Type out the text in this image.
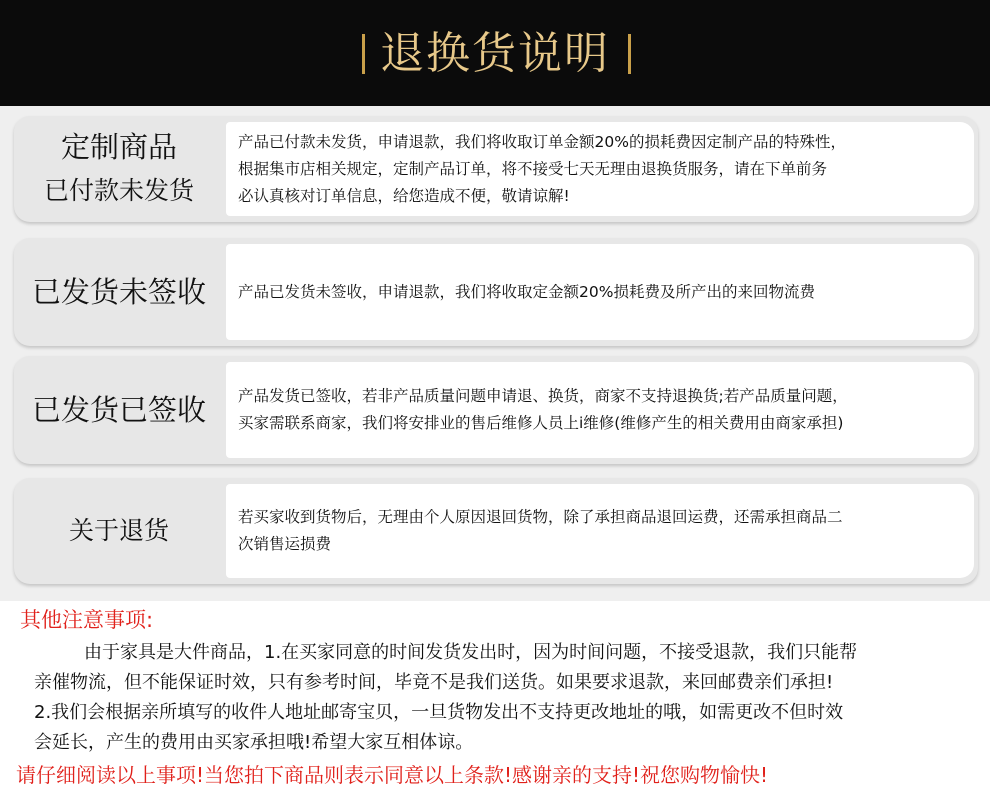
退换货说明
定制商品
已付款未发货
产品已付款未发货，申请退款，我们将收取订单金额20%的损耗费因定制产品的特殊性，
根据集市店相关规定，定制产品订单，将不接受七天无理由退换货服务，请在下单前务
必认真核对订单信息，给您造成不便，敬请谅解!
已发货未签收 产品已发货未签收，申请退款，我们将收取定金额20%损耗费及所产出的来回物流费
已发货已签收 产品发货已签收，若非产品质量问题申请退、换货，商家不支持退换货;若产品质量问题，
买家需联系商家，我们将安排业的售后维修人员上i维修(维修产生的相关费用由商家承担)
关于退货	若买家收到货物后，无理由个人原因退回货物，除了承担商品退回运费，还需承担商品二
次销售运损费
其他注意事项:

由于家具是大件商品，1.在买家同意的时间发货发出时，因为时间问题，不接受退款，我们只能帮

亲催物流，但不能保证时效，只有参考时间，毕竟不是我们送货。如果要求退款，来回邮费亲们承担!

2.我们会根据亲所填写的收件人地址邮寄宝贝，一旦货物发出不支持更改地址的哦，如需更改不但时效

会延长，产生的费用由买家承担哦!希望大家互相体谅。

请仔细阅读以上事项!当您拍下商品则表示同意以上条款!感谢亲的支持!祝您购物愉快!
